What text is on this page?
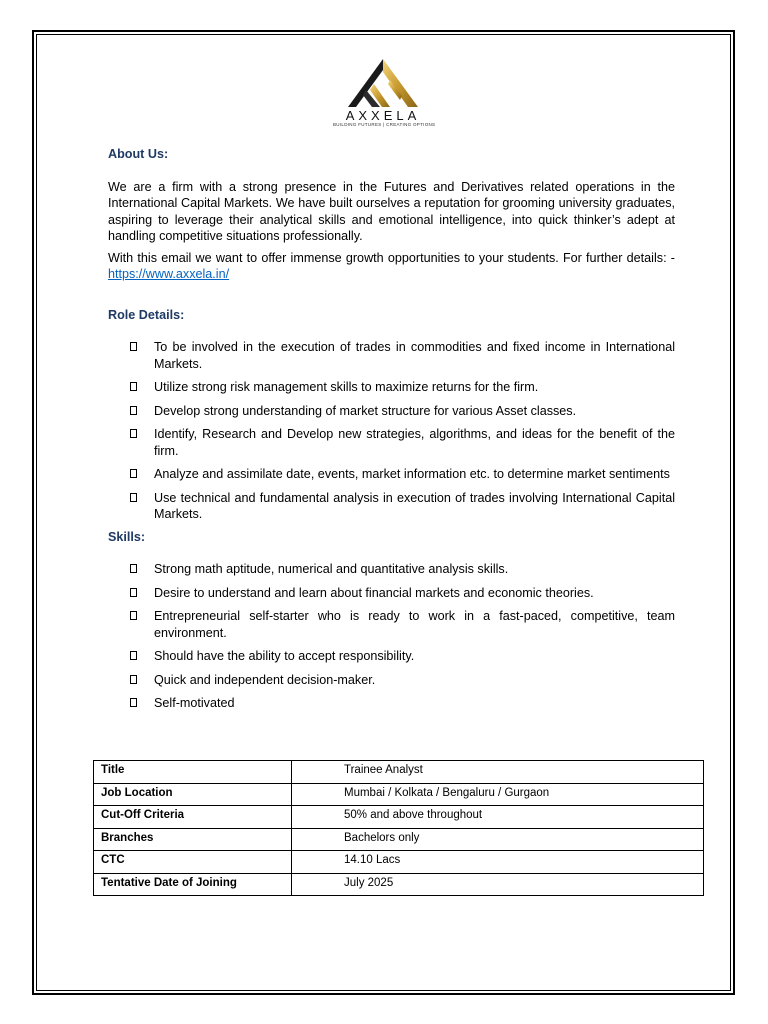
AXXELA
BUILDING FUTURES | CREATING OPTIONS
About Us:

We are a firm with a strong presence in the Futures and Derivatives related operations in the International Capital Markets. We have built ourselves a reputation for grooming university graduates, aspiring to leverage their analytical skills and emotional intelligence, into quick thinker’s adept at handling competitive situations professionally.

With this email we want to offer immense growth opportunities to your students. For further details: - https://www.axxela.in/

Role Details:
To be involved in the execution of trades in commodities and fixed income in International Markets.
Utilize strong risk management skills to maximize returns for the firm.
Develop strong understanding of market structure for various Asset classes.
Identify, Research and Develop new strategies, algorithms, and ideas for the benefit of the firm.
Analyze and assimilate date, events, market information etc. to determine market sentiments
Use technical and fundamental analysis in execution of trades involving International Capital Markets.
Skills:
Strong math aptitude, numerical and quantitative analysis skills.
Desire to understand and learn about financial markets and economic theories.
Entrepreneurial self-starter who is ready to work in a fast-paced, competitive, team environment.
Should have the ability to accept responsibility.
Quick and independent decision-maker.
Self-motivated
Title	Trainee Analyst
Job Location	Mumbai / Kolkata / Bengaluru / Gurgaon
Cut-Off Criteria	50% and above throughout
Branches	Bachelors only
CTC	14.10 Lacs
Tentative Date of Joining	July 2025
